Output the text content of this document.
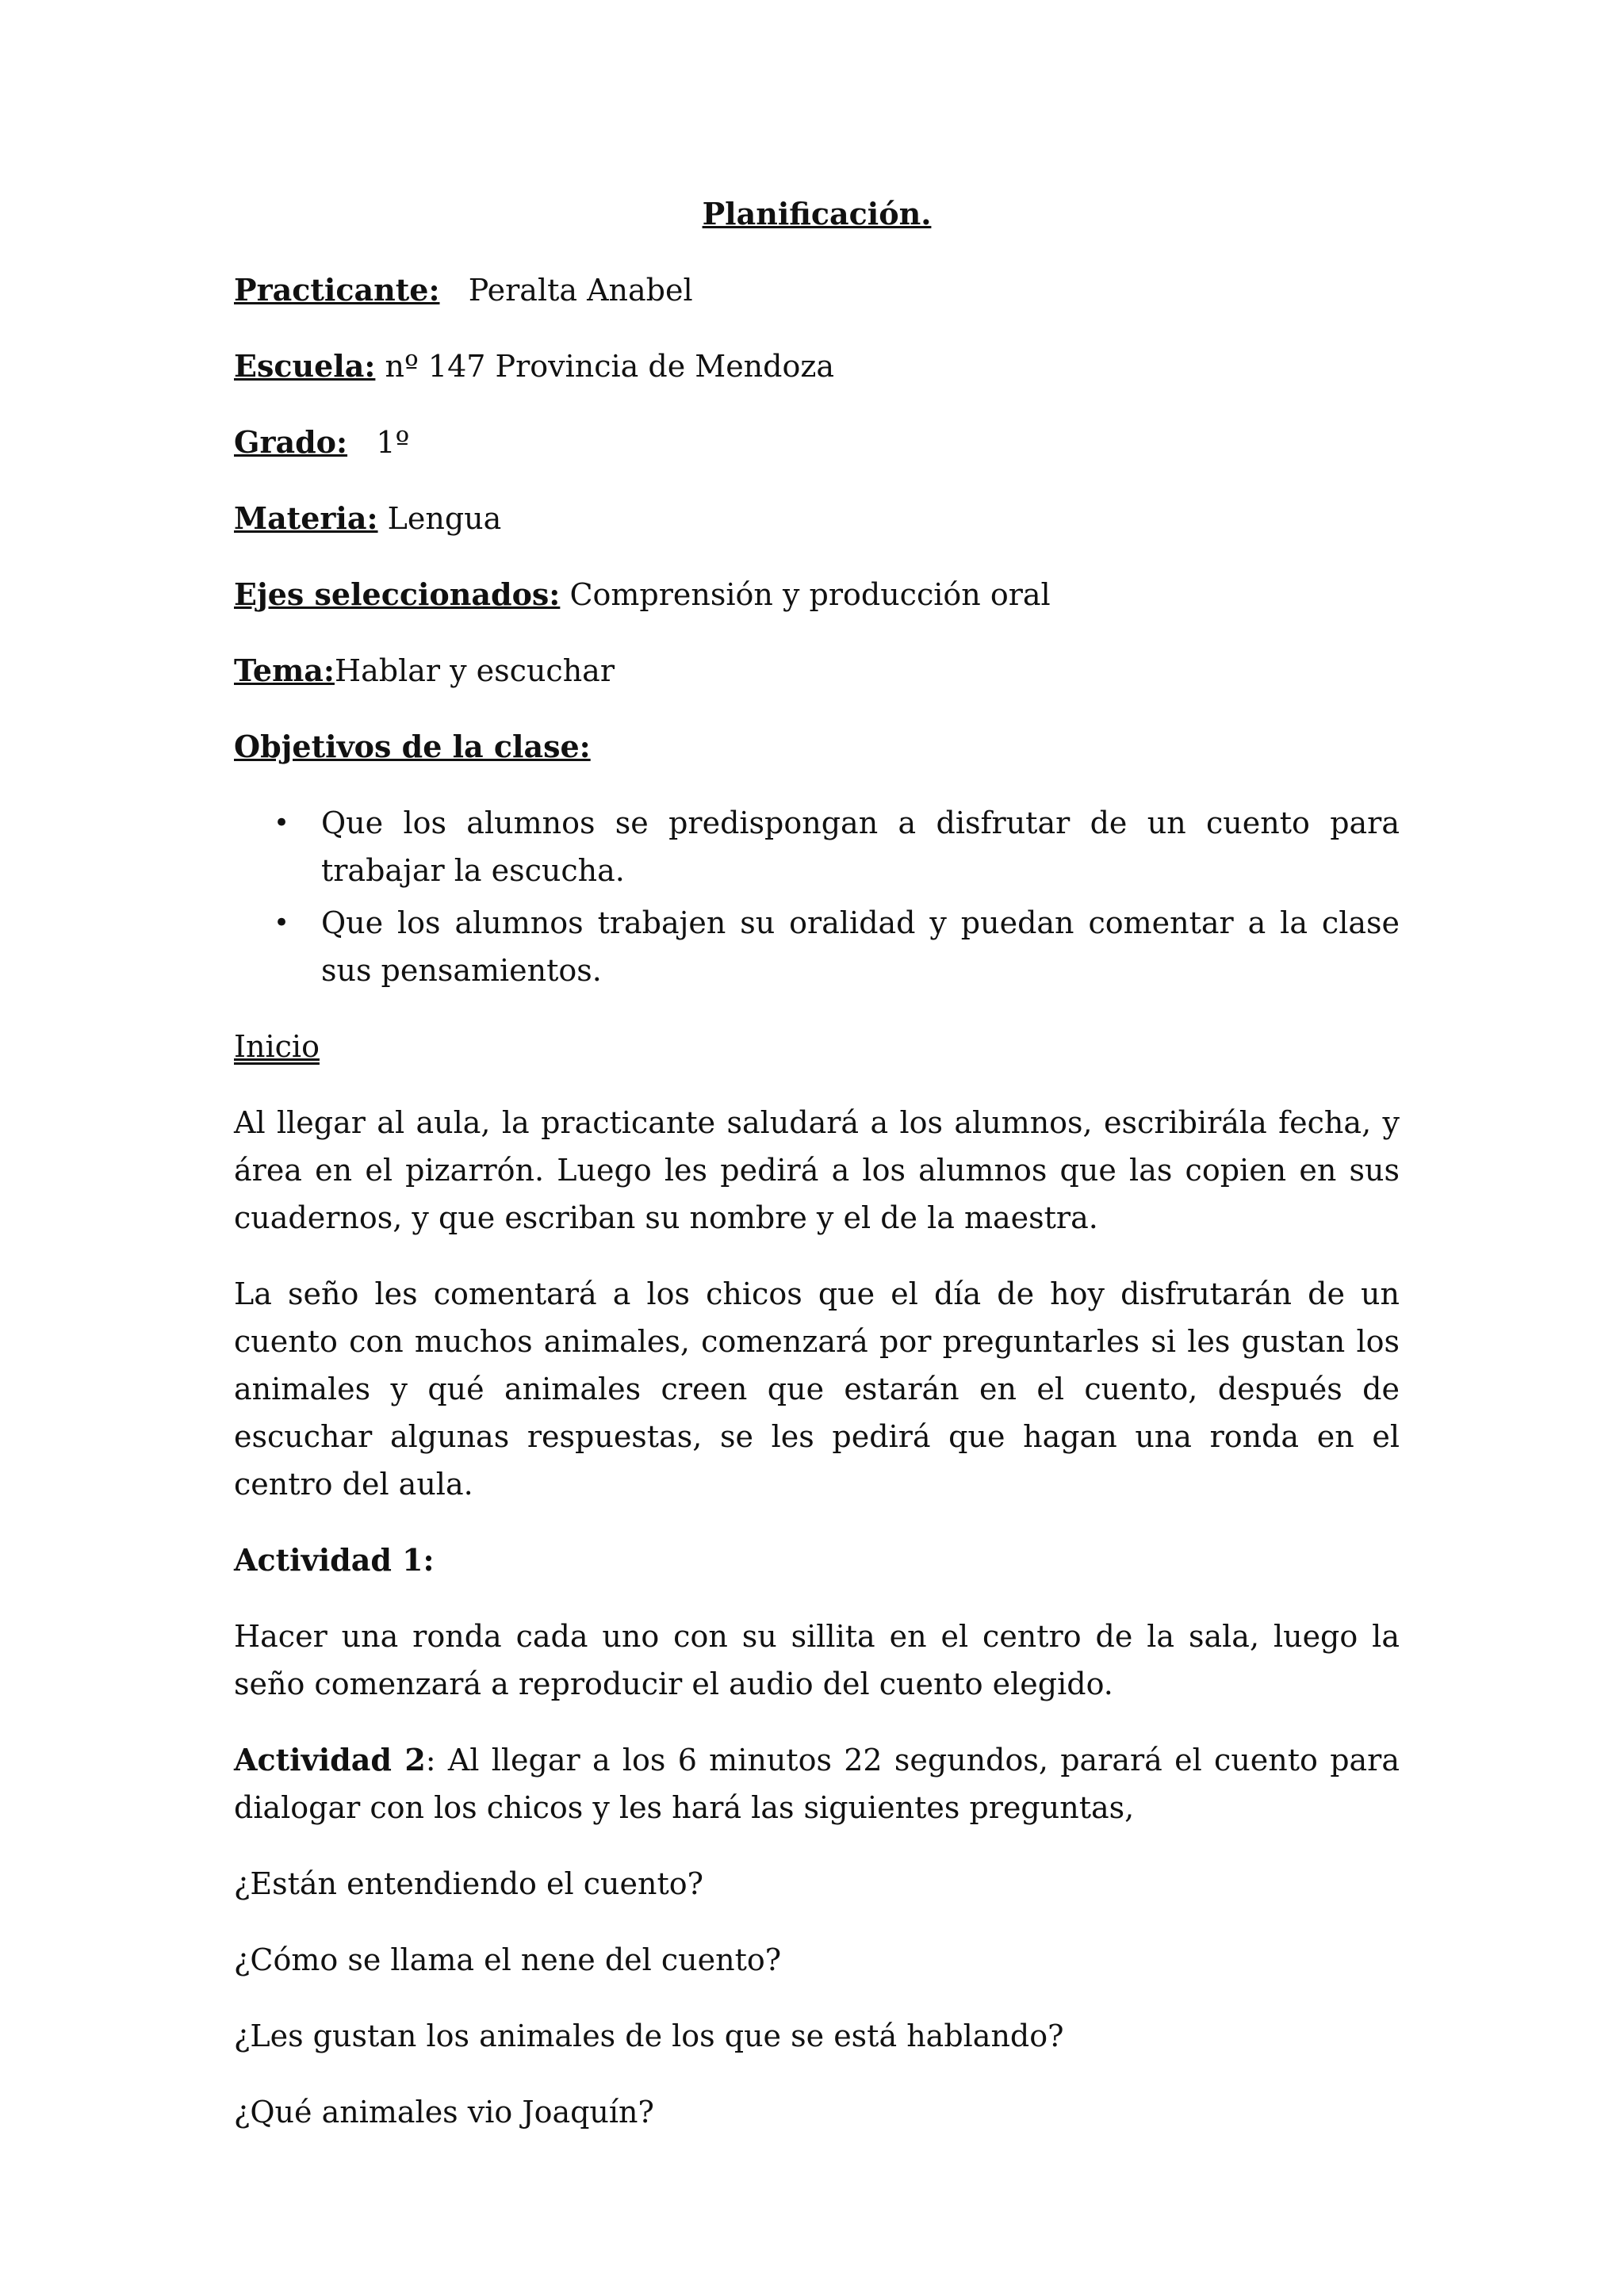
Planificación.
Practicante: Peralta Anabel
Escuela: nº 147 Provincia de Mendoza
Grado: 1º
Materia: Lengua
Ejes seleccionados: Comprensión y producción oral
Tema:Hablar y escuchar
Objetivos de la clase:
• Que los alumnos se predispongan a disfrutar de un cuento para trabajar la escucha.
• Que los alumnos trabajen su oralidad y puedan comentar a la clase sus pensamientos.
Inicio

Al llegar al aula, la practicante saludará a los alumnos, escribirála fecha, y área en el pizarrón. Luego les pedirá a los alumnos que las copien en sus cuadernos, y que escriban su nombre y el de la maestra.

La seño les comentará a los chicos que el día de hoy disfrutarán de un cuento con muchos animales, comenzará por preguntarles si les gustan los animales y qué animales creen que estarán en el cuento, después de escuchar algunas respuestas, se les pedirá que hagan una ronda en el centro del aula.

Actividad 1:

Hacer una ronda cada uno con su sillita en el centro de la sala, luego la seño comenzará a reproducir el audio del cuento elegido.

Actividad 2: Al llegar a los 6 minutos 22 segundos, parará el cuento para dialogar con los chicos y les hará las siguientes preguntas,

¿Están entendiendo el cuento?
¿Cómo se llama el nene del cuento?
¿Les gustan los animales de los que se está hablando?
¿Qué animales vio Joaquín?
